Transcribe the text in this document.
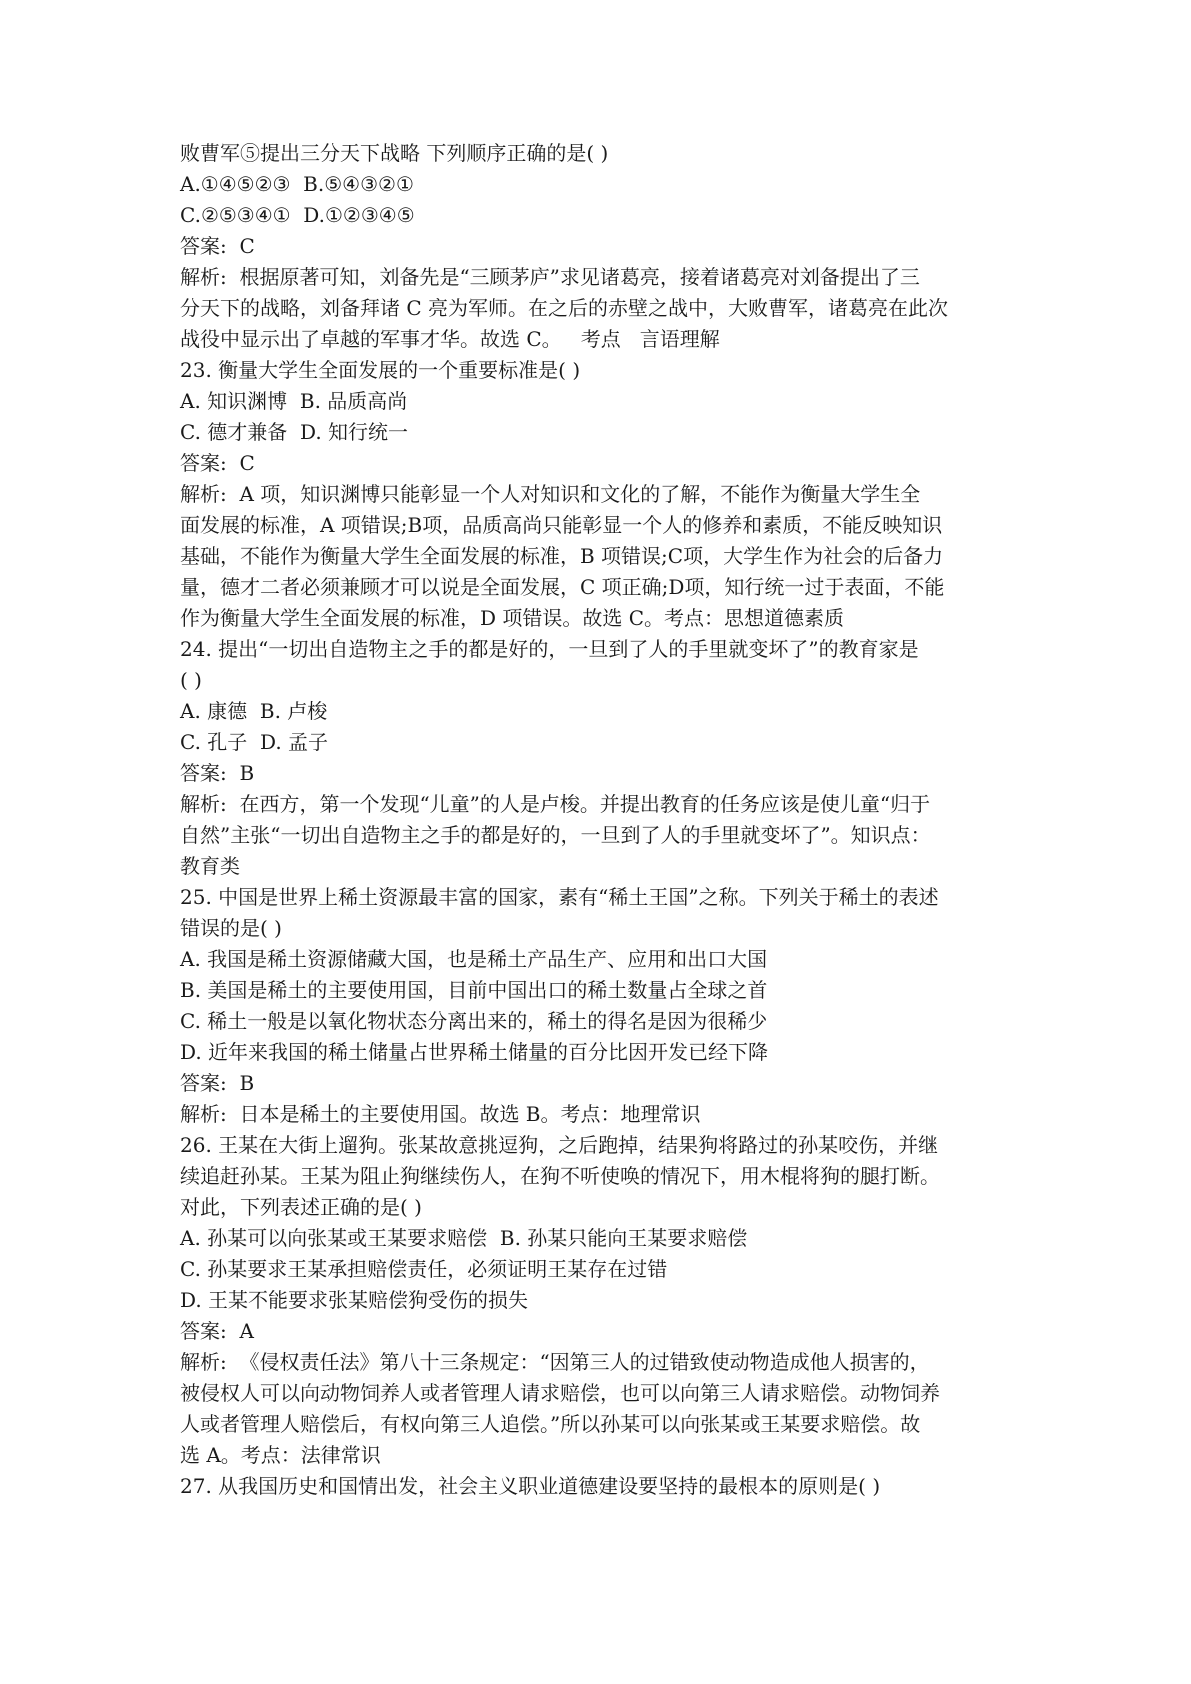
败曹军⑤提出三分天下战略 下列顺序正确的是( )
A.①④⑤②③  B.⑤④③②①
C.②⑤③④①  D.①②③④⑤
答案:  C
解析:  根据原著可知，刘备先是“三顾茅庐”求见诸葛亮，接着诸葛亮对刘备提出了三
分天下的战略，刘备拜诸 C 亮为军师。在之后的赤壁之战中，大败曹军，诸葛亮在此次
战役中显示出了卓越的军事才华。故选 C。   考点   言语理解
23. 衡量大学生全面发展的一个重要标准是( )
A. 知识渊博  B. 品质高尚
C. 德才兼备  D. 知行统一
答案:  C
解析:  A 项，知识渊博只能彰显一个人对知识和文化的了解，不能作为衡量大学生全
面发展的标准，A 项错误;B项，品质高尚只能彰显一个人的修养和素质，不能反映知识
基础，不能作为衡量大学生全面发展的标准，B 项错误;C项，大学生作为社会的后备力
量，德才二者必须兼顾才可以说是全面发展，C 项正确;D项，知行统一过于表面，不能
作为衡量大学生全面发展的标准，D 项错误。故选 C。考点：思想道德素质
24. 提出“一切出自造物主之手的都是好的，一旦到了人的手里就变坏了”的教育家是
( )
A. 康德  B. 卢梭
C. 孔子  D. 孟子
答案:  B
解析:  在西方，第一个发现“儿童”的人是卢梭。并提出教育的任务应该是使儿童“归于
自然”主张“一切出自造物主之手的都是好的，一旦到了人的手里就变坏了”。知识点：
教育类
25. 中国是世界上稀土资源最丰富的国家，素有“稀土王国”之称。下列关于稀土的表述
错误的是( )
A. 我国是稀土资源储藏大国，也是稀土产品生产、应用和出口大国
B. 美国是稀土的主要使用国，目前中国出口的稀土数量占全球之首
C. 稀土一般是以氧化物状态分离出来的，稀土的得名是因为很稀少
D. 近年来我国的稀土储量占世界稀土储量的百分比因开发已经下降
答案:  B
解析:  日本是稀土的主要使用国。故选 B。考点：地理常识
26. 王某在大街上遛狗。张某故意挑逗狗，之后跑掉，结果狗将路过的孙某咬伤，并继
续追赶孙某。王某为阻止狗继续伤人，在狗不听使唤的情况下，用木棍将狗的腿打断。
对此，下列表述正确的是( )
A. 孙某可以向张某或王某要求赔偿  B. 孙某只能向王某要求赔偿
C. 孙某要求王某承担赔偿责任，必须证明王某存在过错
D. 王某不能要求张某赔偿狗受伤的损失
答案:  A
解析:  《侵权责任法》第八十三条规定：“因第三人的过错致使动物造成他人损害的，
被侵权人可以向动物饲养人或者管理人请求赔偿，也可以向第三人请求赔偿。动物饲养
人或者管理人赔偿后，有权向第三人追偿。”所以孙某可以向张某或王某要求赔偿。故
选 A。考点：法律常识
27. 从我国历史和国情出发，社会主义职业道德建设要坚持的最根本的原则是( )
